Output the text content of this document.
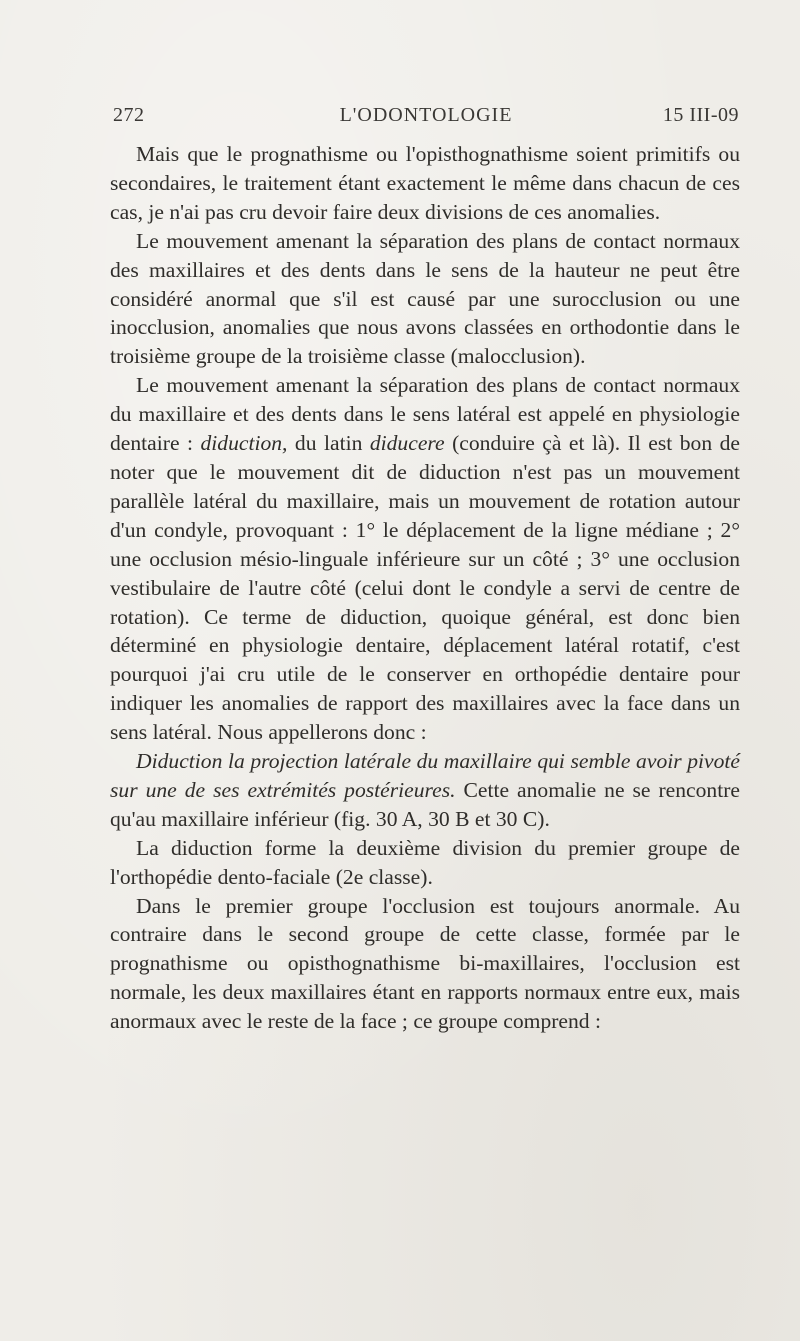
272	L'ODONTOLOGIE	15 III-09

Mais que le prognathisme ou l'opisthognathisme soient primitifs ou secondaires, le traitement étant exactement le même dans chacun de ces cas, je n'ai pas cru devoir faire deux divisions de ces anomalies.

Le mouvement amenant la séparation des plans de contact normaux des maxillaires et des dents dans le sens de la hauteur ne peut être considéré anormal que s'il est causé par une surocclusion ou une inocclusion, anomalies que nous avons classées en orthodontie dans le troisième groupe de la troisième classe (malocclusion).

Le mouvement amenant la séparation des plans de contact normaux du maxillaire et des dents dans le sens latéral est appelé en physiologie dentaire : diduction, du latin diducere (conduire çà et là). Il est bon de noter que le mouvement dit de diduction n'est pas un mouvement parallèle latéral du maxillaire, mais un mouvement de rotation autour d'un condyle, provoquant : 1° le déplacement de la ligne médiane ; 2° une occlusion mésio-linguale inférieure sur un côté ; 3° une occlusion vestibulaire de l'autre côté (celui dont le condyle a servi de centre de rotation). Ce terme de diduction, quoique général, est donc bien déterminé en physiologie dentaire, déplacement latéral rotatif, c'est pourquoi j'ai cru utile de le conserver en orthopédie dentaire pour indiquer les anomalies de rapport des maxillaires avec la face dans un sens latéral. Nous appellerons donc :

Diduction la projection latérale du maxillaire qui semble avoir pivoté sur une de ses extrémités postérieures. Cette anomalie ne se rencontre qu'au maxillaire inférieur (fig. 30 A, 30 B et 30 C).

La diduction forme la deuxième division du premier groupe de l'orthopédie dento-faciale (2e classe).

Dans le premier groupe l'occlusion est toujours anormale. Au contraire dans le second groupe de cette classe, formée par le prognathisme ou opisthognathisme bi-maxillaires, l'occlusion est normale, les deux maxillaires étant en rapports normaux entre eux, mais anormaux avec le reste de la face ; ce groupe comprend :
